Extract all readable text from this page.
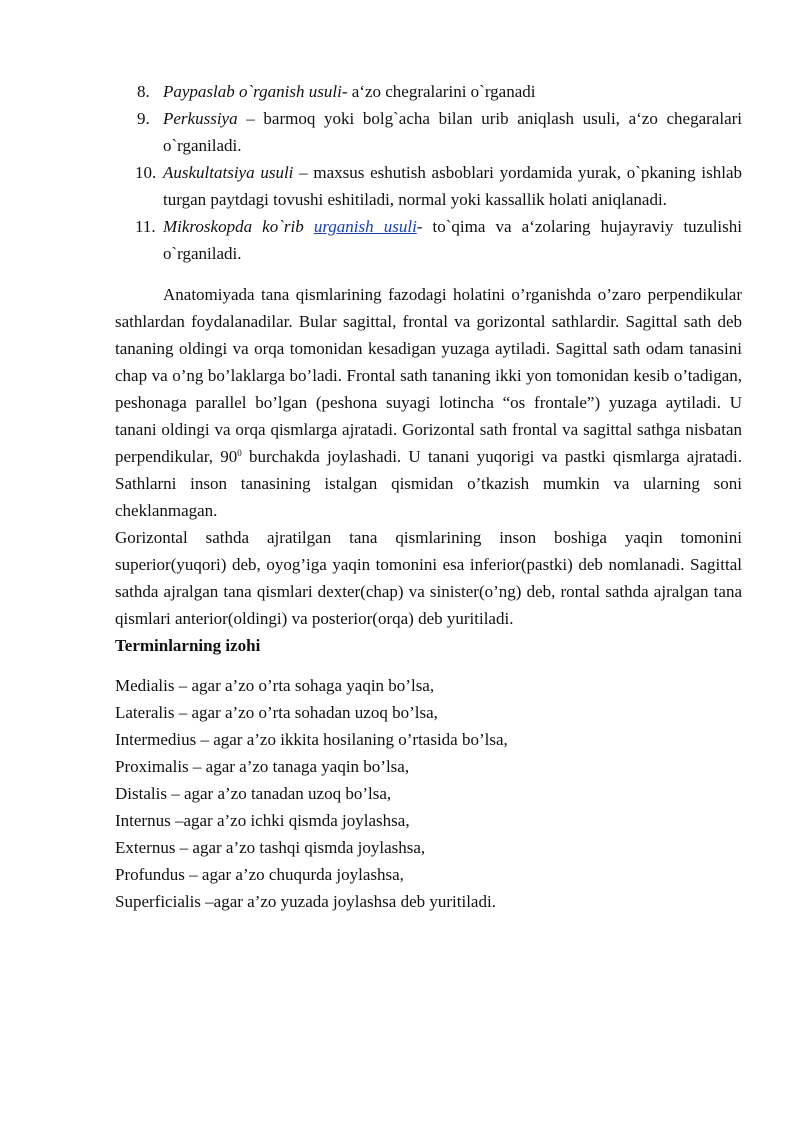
8. Paypaslab o`rganish usuli- a‘zo chegralarini o`rganadi
9. Perkussiya – barmoq yoki bolg`acha bilan urib aniqlash usuli, a‘zo chegaralari o`rganiladi.
10. Auskultatsiya usuli – maxsus eshutish asboblari yordamida yurak, o`pkaning ishlab turgan paytdagi tovushi eshitiladi, normal yoki kassallik holati aniqlanadi.
11. Mikroskopda ko`rib urganish usuli- to`qima va a‘zolaring hujayraviy tuzulishi o`rganiladi.

Anatomiyada tana qismlarining fazodagi holatini o’rganishda o’zaro perpendikular sathlardan foydalanadilar. Bular sagittal, frontal va gorizontal sathlardir. Sagittal sath deb tananing oldingi va orqa tomonidan kesadigan yuzaga aytiladi. Sagittal sath odam tanasini chap va o’ng bo’laklarga bo’ladi. Frontal sath tananing ikki yon tomonidan kesib o’tadigan, peshonaga parallel bo’lgan (peshona suyagi lotincha “os frontale”) yuzaga aytiladi. U tanani oldingi va orqa qismlarga ajratadi. Gorizontal sath frontal va sagittal sathga nisbatan perpendikular, $90^0$ burchakda joylashadi. U tanani yuqorigi va pastki qismlarga ajratadi. Sathlarni inson tanasining istalgan qismidan o’tkazish mumkin va ularning soni cheklanmagan.

Gorizontal sathda ajratilgan tana qismlarining inson boshiga yaqin tomonini superior(yuqori) deb, oyog’iga yaqin tomonini esa inferior(pastki) deb nomlanadi. Sagittal sathda ajralgan tana qismlari dexter(chap) va sinister(o’ng) deb, rontal sathda ajralgan tana qismlari anterior(oldingi) va posterior(orqa) deb yuritiladi.

Terminlarning izohi

Medialis – agar a’zo o’rta sohaga yaqin bo’lsa,
Lateralis – agar a’zo o’rta sohadan uzoq bo’lsa,
Intermedius – agar a’zo ikkita hosilaning o’rtasida bo’lsa,
Proximalis – agar a’zo tanaga yaqin bo’lsa,
Distalis – agar a’zo tanadan uzoq bo’lsa,
Internus –agar a’zo ichki qismda joylashsa,
Externus – agar a’zo tashqi qismda joylashsa,
Profundus – agar a’zo chuqurda joylashsa,
Superficialis –agar a’zo yuzada joylashsa deb yuritiladi.
